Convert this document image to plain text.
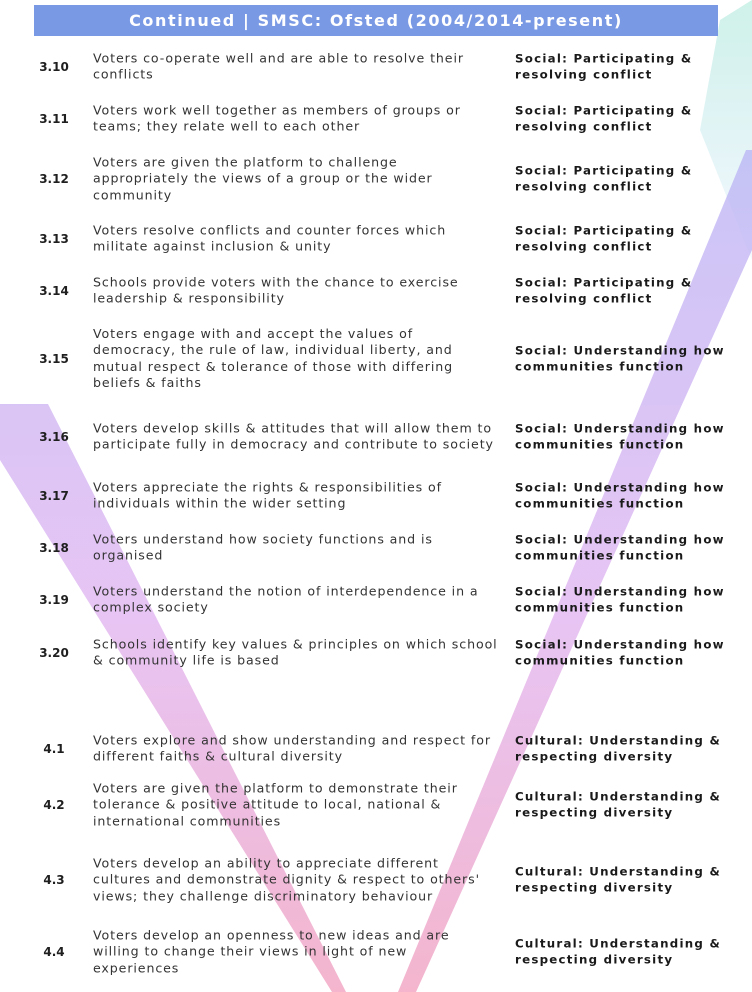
Continued | SMSC: Ofsted (2004/2014-present)
3.10
Voters co-operate well and are able to resolve their conflicts
Social: Participating & resolving conflict
3.11
Voters work well together as members of groups or teams; they relate well to each other
Social: Participating & resolving conflict
3.12
Voters are given the platform to challenge appropriately the views of a group or the wider community
Social: Participating & resolving conflict
3.13
Voters resolve conflicts and counter forces which militate against inclusion & unity
Social: Participating & resolving conflict
3.14
Schools provide voters with the chance to exercise leadership & responsibility
Social: Participating & resolving conflict
3.15
Voters engage with and accept the values of democracy, the rule of law, individual liberty, and mutual respect & tolerance of those with differing beliefs & faiths
Social: Understanding how communities function
3.16
Voters develop skills & attitudes that will allow them to participate fully in democracy and contribute to society
Social: Understanding how communities function
3.17
Voters appreciate the rights & responsibilities of individuals within the wider setting
Social: Understanding how communities function
3.18
Voters understand how society functions and is organised
Social: Understanding how communities function
3.19
Voters understand the notion of interdependence in a complex society
Social: Understanding how communities function
3.20
Schools identify key values & principles on which school & community life is based
Social: Understanding how communities function
4.1
Voters explore and show understanding and respect for different faiths & cultural diversity
Cultural: Understanding & respecting diversity
4.2
Voters are given the platform to demonstrate their tolerance & positive attitude to local, national & international communities
Cultural: Understanding & respecting diversity
4.3
Voters develop an ability to appreciate different cultures and demonstrate dignity & respect to others' views; they challenge discriminatory behaviour
Cultural: Understanding & respecting diversity
4.4
Voters develop an openness to new ideas and are willing to change their views in light of new experiences
Cultural: Understanding & respecting diversity
